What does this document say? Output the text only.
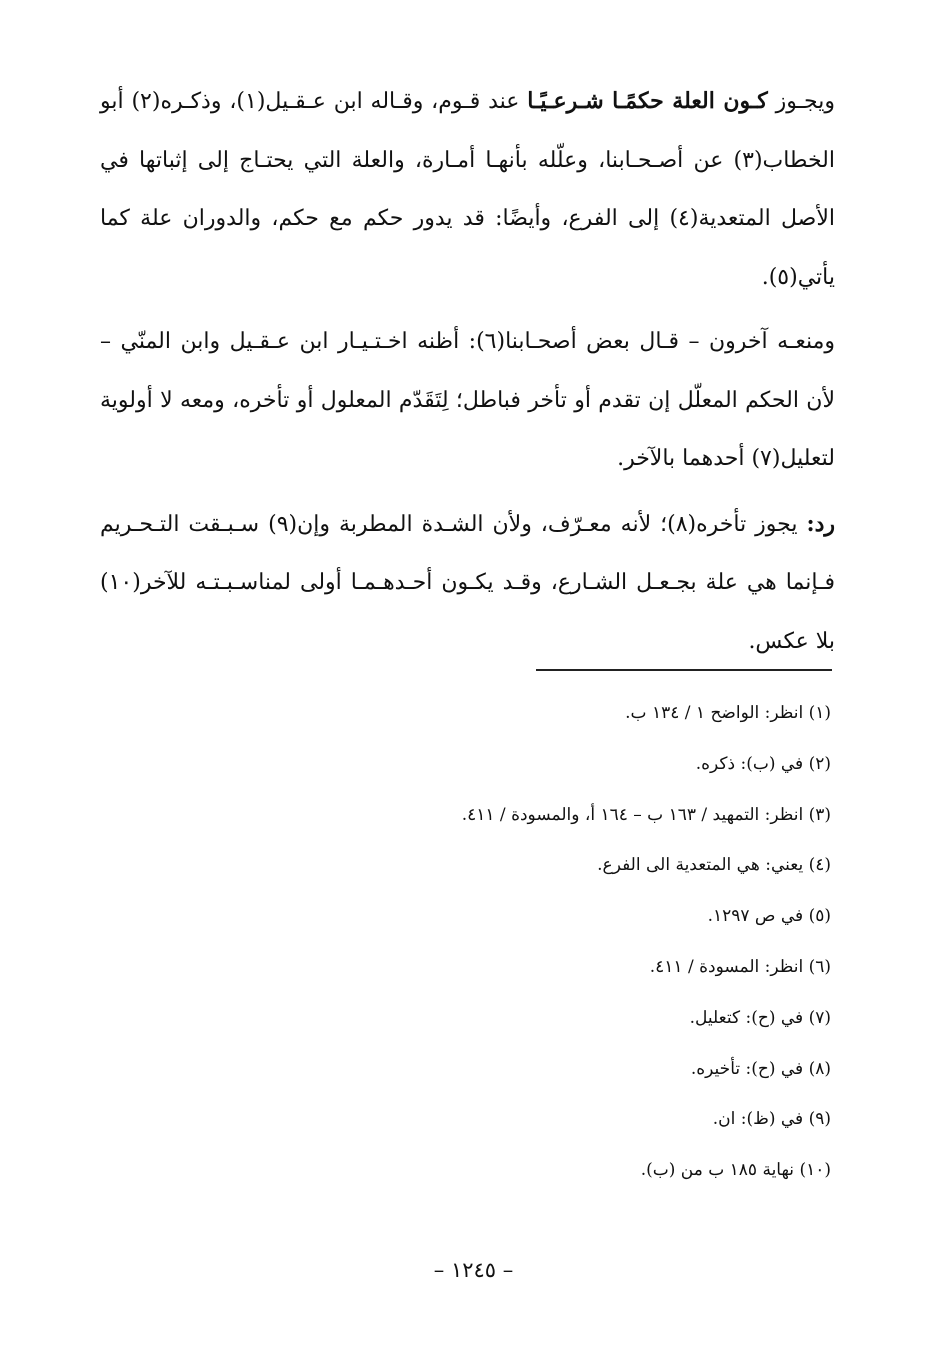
ويجـوز كـون العلة حكمًـا شـرعـيًـا عند قـوم، وقـاله ابن عـقـيل(١)، وذكـره(٢) أبو الخطاب(٣) عن أصـحـابنا، وعلّله بأنهـا أمـارة، والعلة التي يحتـاج إلى إثباتها في الأصل المتعدية(٤) إلى الفرع، وأيضًا: قد يدور حكم مع حكم، والدوران علة كما يأتي(٥).

ومنعـه آخرون – قـال بعض أصحـابنا(٦): أظنه اخـتـيـار ابن عـقـيل وابن المنّي – لأن الحكم المعلّل إن تقدم أو تأخر فباطل؛ لِتَقَدّم المعلول أو تأخره، ومعه لا أولوية لتعليل(٧) أحدهما بالآخر.

رد: يجوز تأخره(٨)؛ لأنه معـرّف، ولأن الشـدة المطربة وإن(٩) سـبـقت التـحـريم فـإنما هي علة بجـعـل الشـارع، وقـد يكـون أحـدهـمـا أولى لمناسـبـتـه للآخر(١٠) بلا عكس.

(١) انظر: الواضح ١ / ١٣٤ ب.
(٢) في (ب): ذكره.
(٣) انظر: التمهيد / ١٦٣ ب – ١٦٤ أ، والمسودة / ٤١١.
(٤) يعني: هي المتعدية الى الفرع.
(٥) في ص ١٢٩٧.
(٦) انظر: المسودة / ٤١١.
(٧) في (ح): كتعليل.
(٨) في (ح): تأخيره.
(٩) في (ظ): ان.
(١٠) نهاية ١٨٥ ب من (ب).
– ١٢٤٥ –
